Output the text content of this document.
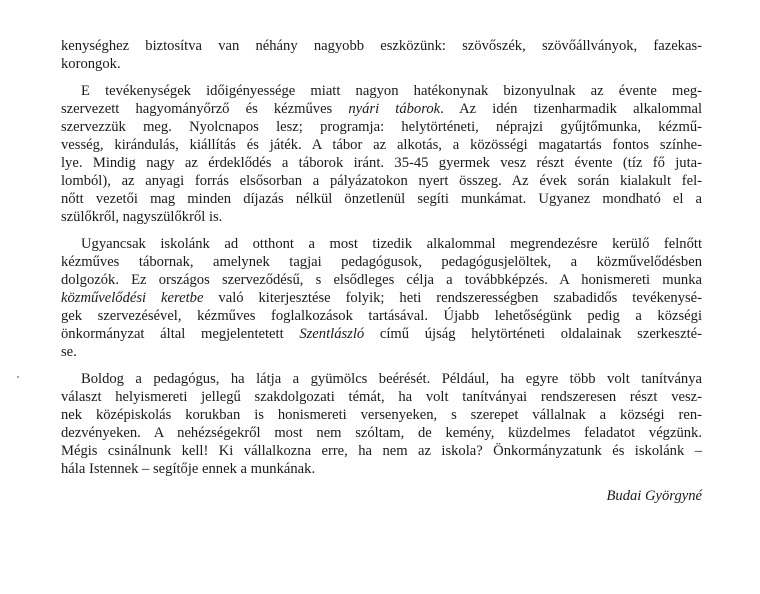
kenységhez biztosítva van néhány nagyobb eszközünk: szövőszék, szövőállványok, fazekas-
korongok.
E tevékenységek időigényessége miatt nagyon hatékonynak bizonyulnak az évente meg-
szervezett hagyományőrző és kézműves nyári táborok. Az idén tizenharmadik alkalommal
szervezzük meg. Nyolcnapos lesz; programja: helytörténeti, néprajzi gyűjtőmunka, kézmű-
vesség, kirándulás, kiállítás és játék. A tábor az alkotás, a közösségi magatartás fontos színhe-
lye. Mindig nagy az érdeklődés a táborok iránt. 35-45 gyermek vesz részt évente (tíz fő juta-
lomból), az anyagi forrás elsősorban a pályázatokon nyert összeg. Az évek során kialakult fel-
nőtt vezetői mag minden díjazás nélkül önzetlenül segíti munkámat. Ugyanez mondható el a
szülőkről, nagyszülőkről is.
Ugyancsak iskolánk ad otthont a most tizedik alkalommal megrendezésre kerülő felnőtt
kézműves tábornak, amelynek tagjai pedagógusok, pedagógusjelöltek, a közművelődésben
dolgozók. Ez országos szerveződésű, s elsődleges célja a továbbképzés. A honismereti munka
közművelődési keretbe való kiterjesztése folyik; heti rendszerességben szabadidős tevékenysé-
gek szervezésével, kézműves foglalkozások tartásával. Újabb lehetőségünk pedig a községi
önkormányzat által megjelentetett Szentlászló című újság helytörténeti oldalainak szerkeszté-
se.
Boldog a pedagógus, ha látja a gyümölcs beérését. Például, ha egyre több volt tanítványa
választ helyismereti jellegű szakdolgozati témát, ha volt tanítványai rendszeresen részt vesz-
nek középiskolás korukban is honismereti versenyeken, s szerepet vállalnak a községi ren-
dezvényeken. A nehézségekről most nem szóltam, de kemény, küzdelmes feladatot végzünk.
Mégis csinálnunk kell! Ki vállalkozna erre, ha nem az iskola? Önkormányzatunk és iskolánk –
hála Istennek – segítője ennek a munkának.
Budai Györgyné
